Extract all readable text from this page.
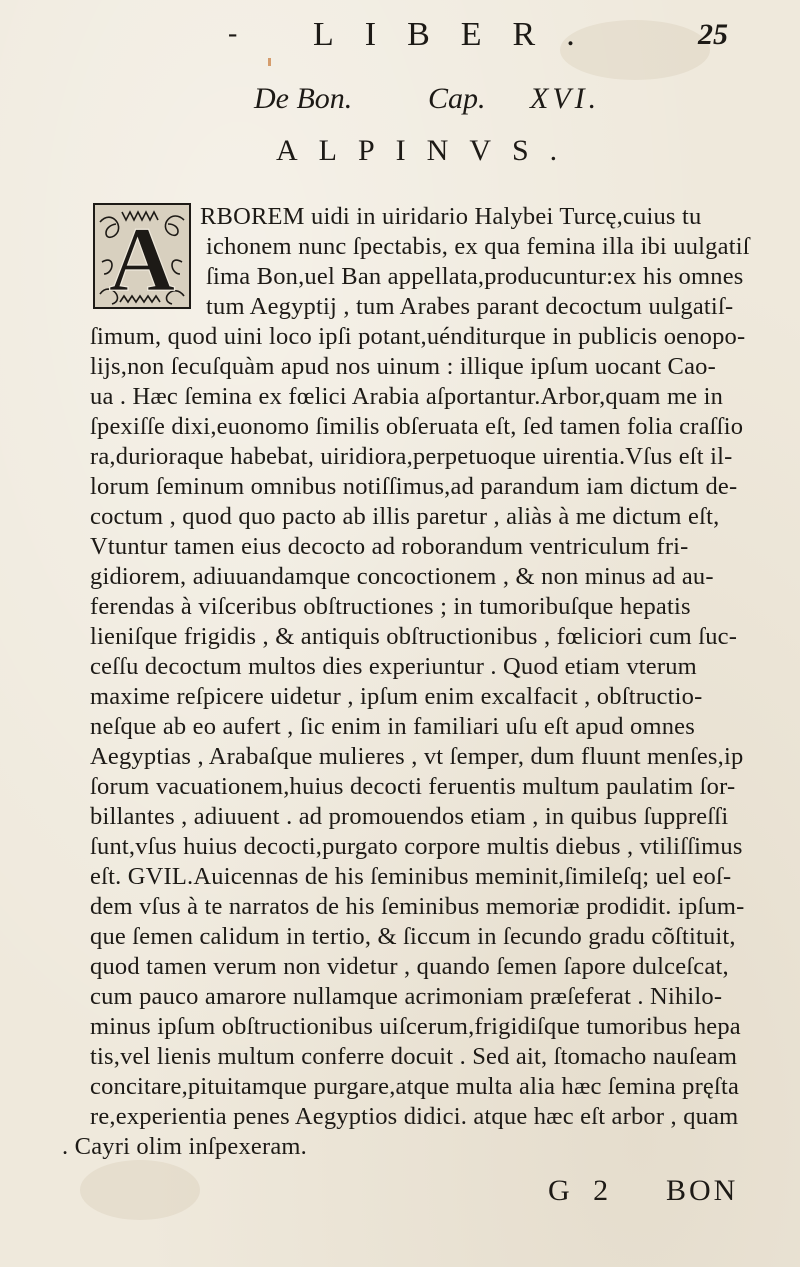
- LIBER.	25
De Bon.	Cap. XVI.
ALPINVS.
A RBOREM uidi in uiridario Halybei Turcę,cuius tu
ichonem nunc ſpectabis, ex qua femina illa ibi uulgatiſ
ſima Bon,uel Ban appellata,producuntur:ex his omnes
tum Aegyptij , tum Arabes parant decoctum uulgatiſ-
ſimum, quod uini loco ipſi potant,uénditurque in publicis oenopo-
lijs,non ſecuſquàm apud nos uinum : illique ipſum uocant Cao-
ua . Hæc ſemina ex fœlici Arabia aſportantur.Arbor,quam me in
ſpexiſſe dixi,euonomo ſimilis obſeruata eſt, ſed tamen folia craſſio
ra,durioraque habebat, uiridiora,perpetuoque uirentia.Vſus eſt il-
lorum ſeminum omnibus notiſſimus,ad parandum iam dictum de-
coctum , quod quo pacto ab illis paretur , aliàs à me dictum eſt,
Vtuntur tamen eius decocto ad roborandum ventriculum fri-
gidiorem, adiuuandamque concoctionem , & non minus ad au-
ferendas à viſceribus obſtructiones ; in tumoribuſque hepatis
lieniſque frigidis , & antiquis obſtructionibus , fœliciori cum ſuc-
ceſſu decoctum multos dies experiuntur . Quod etiam vterum
maxime reſpicere uidetur , ipſum enim excalfacit , obſtructio-
neſque ab eo aufert , ſic enim in familiari uſu eſt apud omnes
Aegyptias , Arabaſque mulieres , vt ſemper, dum fluunt menſes,ip
ſorum vacuationem,huius decocti feruentis multum paulatim ſor-
billantes , adiuuent . ad promouendos etiam , in quibus ſuppreſſi
ſunt,vſus huius decocti,purgato corpore multis diebus , vtiliſſimus
eſt. GVIL.Auicennas de his ſeminibus meminit,ſimileſq; uel eoſ-
dem vſus à te narratos de his ſeminibus memoriæ prodidit. ipſum-
que ſemen calidum in tertio, & ſiccum in ſecundo gradu cõſtituit,
quod tamen verum non videtur , quando ſemen ſapore dulceſcat,
cum pauco amarore nullamque acrimoniam præſeferat . Nihilo-
minus ipſum obſtructionibus uiſcerum,frigidiſque tumoribus hepa
tis,vel lienis multum conferre docuit . Sed ait, ſtomacho nauſeam
concitare,pituitamque purgare,atque multa alia hæc ſemina pręſta
re,experientia penes Aegyptios didici. atque hæc eſt arbor , quam
. Cayri olim inſpexeram.
G 2 BON
